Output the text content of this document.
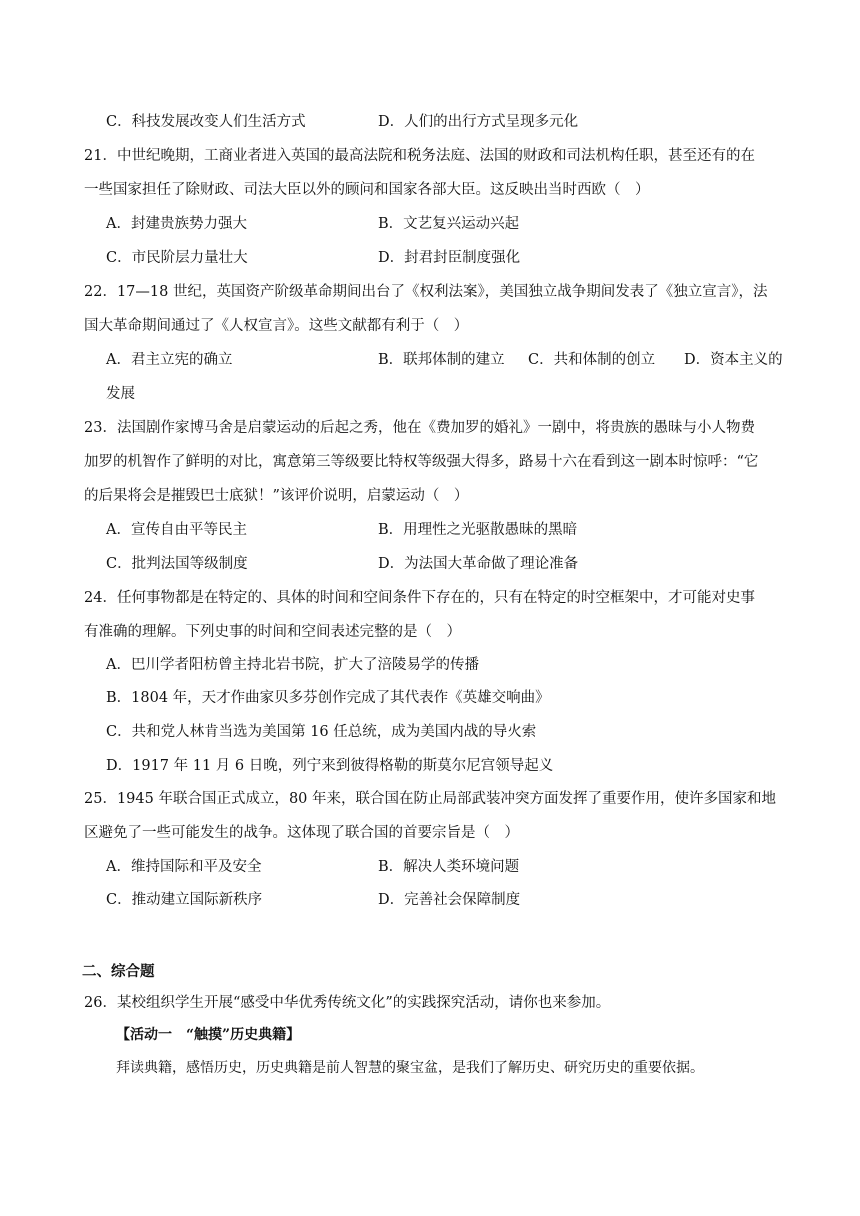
C．科技发展改变人们生活方式	D．人们的出行方式呈现多元化
21．中世纪晚期，工商业者进入英国的最高法院和税务法庭、法国的财政和司法机构任职，甚至还有的在
一些国家担任了除财政、司法大臣以外的顾问和国家各部大臣。这反映出当时西欧（　）
A．封建贵族势力强大	B．文艺复兴运动兴起
C．市民阶层力量壮大	D．封君封臣制度强化
22．17—18 世纪，英国资产阶级革命期间出台了《权利法案》，美国独立战争期间发表了《独立宣言》，法
国大革命期间通过了《人权宣言》。这些文献都有利于（　）
A．君主立宪的确立	B．联邦体制的建立 C．共和体制的创立 D．资本主义的
发展
23．法国剧作家博马舍是启蒙运动的后起之秀，他在《费加罗的婚礼》一剧中，将贵族的愚昧与小人物费
加罗的机智作了鲜明的对比，寓意第三等级要比特权等级强大得多，路易十六在看到这一剧本时惊呼：“它
的后果将会是摧毁巴士底狱！”该评价说明，启蒙运动（　）
A．宣传自由平等民主	B．用理性之光驱散愚昧的黑暗
C．批判法国等级制度	D．为法国大革命做了理论准备
24．任何事物都是在特定的、具体的时间和空间条件下存在的，只有在特定的时空框架中，才可能对史事
有准确的理解。下列史事的时间和空间表述完整的是（　）
A．巴川学者阳枋曾主持北岩书院，扩大了涪陵易学的传播
B．1804 年，天才作曲家贝多芬创作完成了其代表作《英雄交响曲》
C．共和党人林肯当选为美国第 16 任总统，成为美国内战的导火索
D．1917 年 11 月 6 日晚，列宁来到彼得格勒的斯莫尔尼宫领导起义
25．1945 年联合国正式成立，80 年来，联合国在防止局部武装冲突方面发挥了重要作用，使许多国家和地
区避免了一些可能发生的战争。这体现了联合国的首要宗旨是（　）
A．维持国际和平及安全	B．解决人类环境问题
C．推动建立国际新秩序	D．完善社会保障制度
二、综合题
26．某校组织学生开展“感受中华优秀传统文化”的实践探究活动，请你也来参加。
【活动一　“触摸”历史典籍】
拜读典籍，感悟历史，历史典籍是前人智慧的聚宝盆，是我们了解历史、研究历史的重要依据。
